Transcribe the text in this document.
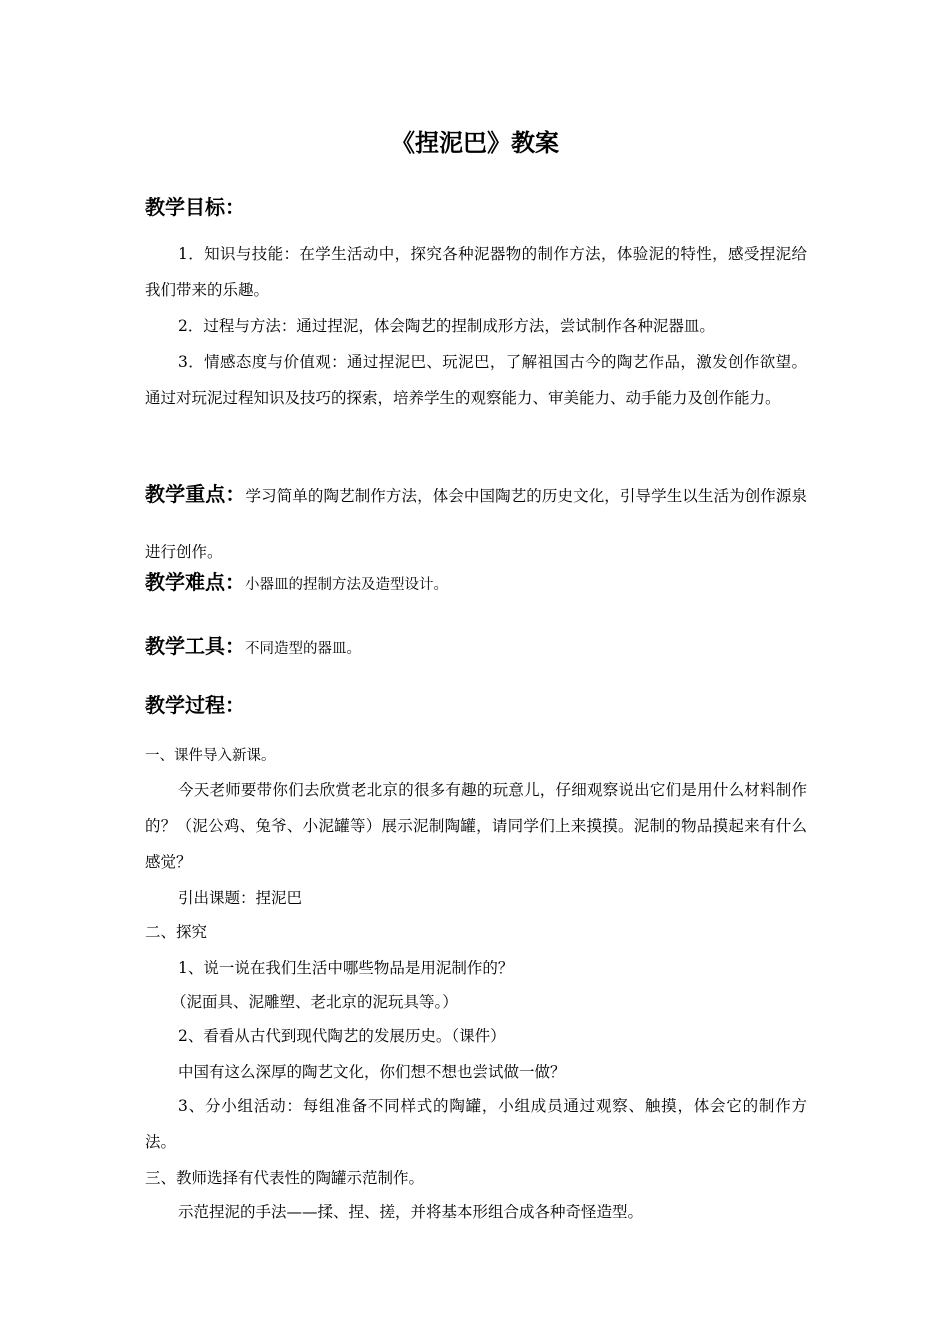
《捏泥巴》教案
教学目标：
1．知识与技能：在学生活动中，探究各种泥器物的制作方法，体验泥的特性，感受捏泥给我们带来的乐趣。
2．过程与方法：通过捏泥，体会陶艺的捏制成形方法，尝试制作各种泥器皿。
3．情感态度与价值观：通过捏泥巴、玩泥巴，了解祖国古今的陶艺作品，激发创作欲望。通过对玩泥过程知识及技巧的探索，培养学生的观察能力、审美能力、动手能力及创作能力。
教学重点：学习简单的陶艺制作方法，体会中国陶艺的历史文化，引导学生以生活为创作源泉进行创作。
教学难点：小器皿的捏制方法及造型设计。
教学工具：不同造型的器皿。
教学过程：
一、课件导入新课。
今天老师要带你们去欣赏老北京的很多有趣的玩意儿，仔细观察说出它们是用什么材料制作的？（泥公鸡、兔爷、小泥罐等）展示泥制陶罐，请同学们上来摸摸。泥制的物品摸起来有什么感觉？
引出课题：捏泥巴
二、探究
1、说一说在我们生活中哪些物品是用泥制作的？
（泥面具、泥雕塑、老北京的泥玩具等。）
2、看看从古代到现代陶艺的发展历史。（课件）
中国有这么深厚的陶艺文化，你们想不想也尝试做一做？
3、分小组活动：每组准备不同样式的陶罐，小组成员通过观察、触摸，体会它的制作方法。
三、教师选择有代表性的陶罐示范制作。
示范捏泥的手法——揉、捏、搓，并将基本形组合成各种奇怪造型。
